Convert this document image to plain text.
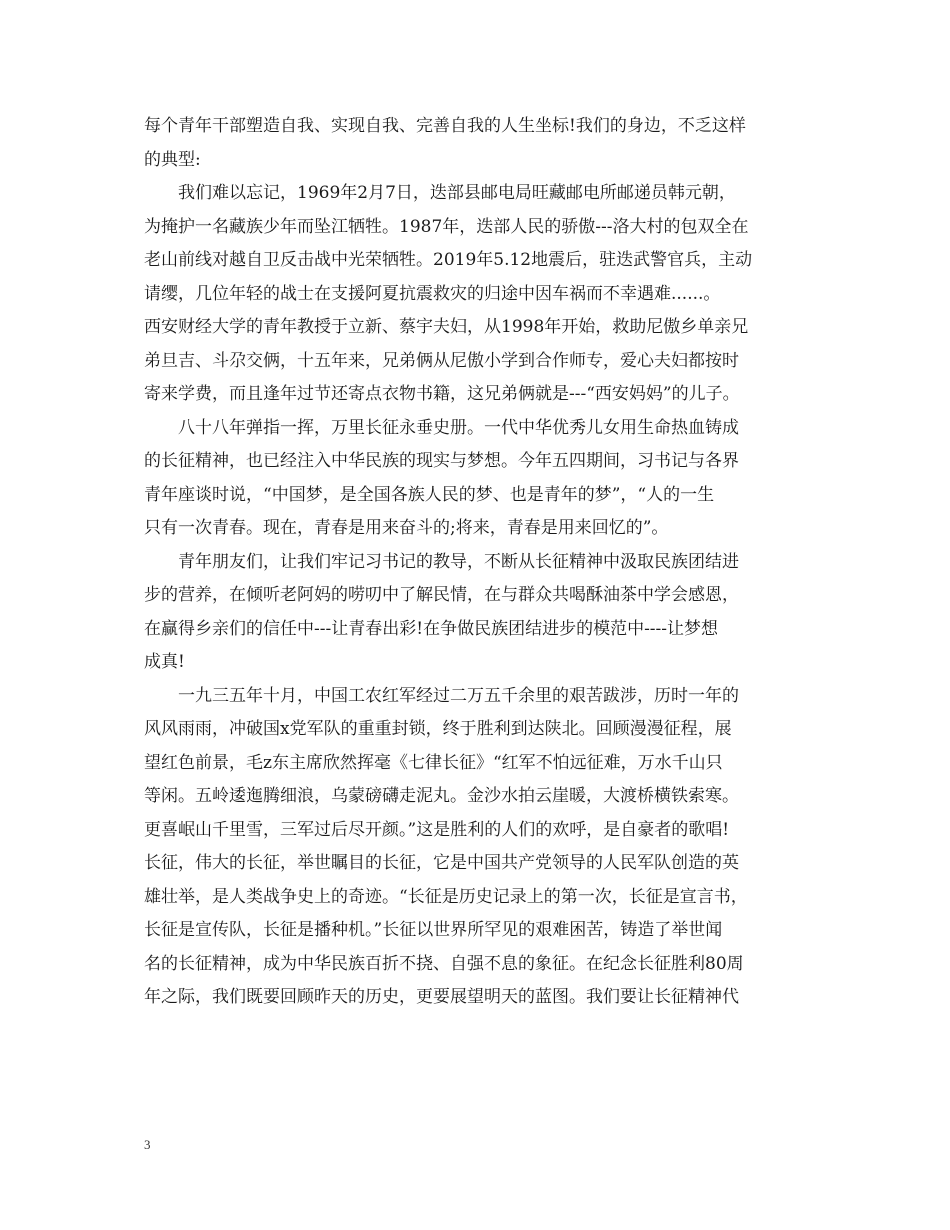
每个青年干部塑造自我、实现自我、完善自我的人生坐标!我们的身边，不乏这样
的典型:
我们难以忘记，1969年2月7日，迭部县邮电局旺藏邮电所邮递员韩元朝，
为掩护一名藏族少年而坠江牺牲。1987年，迭部人民的骄傲---洛大村的包双全在
老山前线对越自卫反击战中光荣牺牲。2019年5.12地震后，驻迭武警官兵，主动
请缨，几位年轻的战士在支援阿夏抗震救灾的归途中因车祸而不幸遇难......。
西安财经大学的青年教授于立新、蔡宇夫妇，从1998年开始，救助尼傲乡单亲兄
弟旦吉、斗尕交俩，十五年来，兄弟俩从尼傲小学到合作师专，爱心夫妇都按时
寄来学费，而且逢年过节还寄点衣物书籍，这兄弟俩就是---“西安妈妈”的儿子。
八十八年弹指一挥，万里长征永垂史册。一代中华优秀儿女用生命热血铸成
的长征精神，也已经注入中华民族的现实与梦想。今年五四期间，习书记与各界
青年座谈时说，“中国梦，是全国各族人民的梦、也是青年的梦”，“人的一生
只有一次青春。现在，青春是用来奋斗的;将来，青春是用来回忆的”。
青年朋友们，让我们牢记习书记的教导，不断从长征精神中汲取民族团结进
步的营养，在倾听老阿妈的唠叨中了解民情，在与群众共喝酥油茶中学会感恩，
在赢得乡亲们的信任中---让青春出彩!在争做民族团结进步的模范中----让梦想
成真!
一九三五年十月，中国工农红军经过二万五千余里的艰苦跋涉，历时一年的
风风雨雨，冲破国x党军队的重重封锁，终于胜利到达陕北。回顾漫漫征程，展
望红色前景，毛z东主席欣然挥毫《七律长征》“红军不怕远征难，万水千山只
等闲。五岭逶迤腾细浪，乌蒙磅礴走泥丸。金沙水拍云崖暖，大渡桥横铁索寒。
更喜岷山千里雪，三军过后尽开颜。”这是胜利的人们的欢呼，是自豪者的歌唱!
长征，伟大的长征，举世瞩目的长征，它是中国共产党领导的人民军队创造的英
雄壮举，是人类战争史上的奇迹。“长征是历史记录上的第一次，长征是宣言书，
长征是宣传队，长征是播种机。”长征以世界所罕见的艰难困苦，铸造了举世闻
名的长征精神，成为中华民族百折不挠、自强不息的象征。在纪念长征胜利80周
年之际，我们既要回顾昨天的历史，更要展望明天的蓝图。我们要让长征精神代
3
